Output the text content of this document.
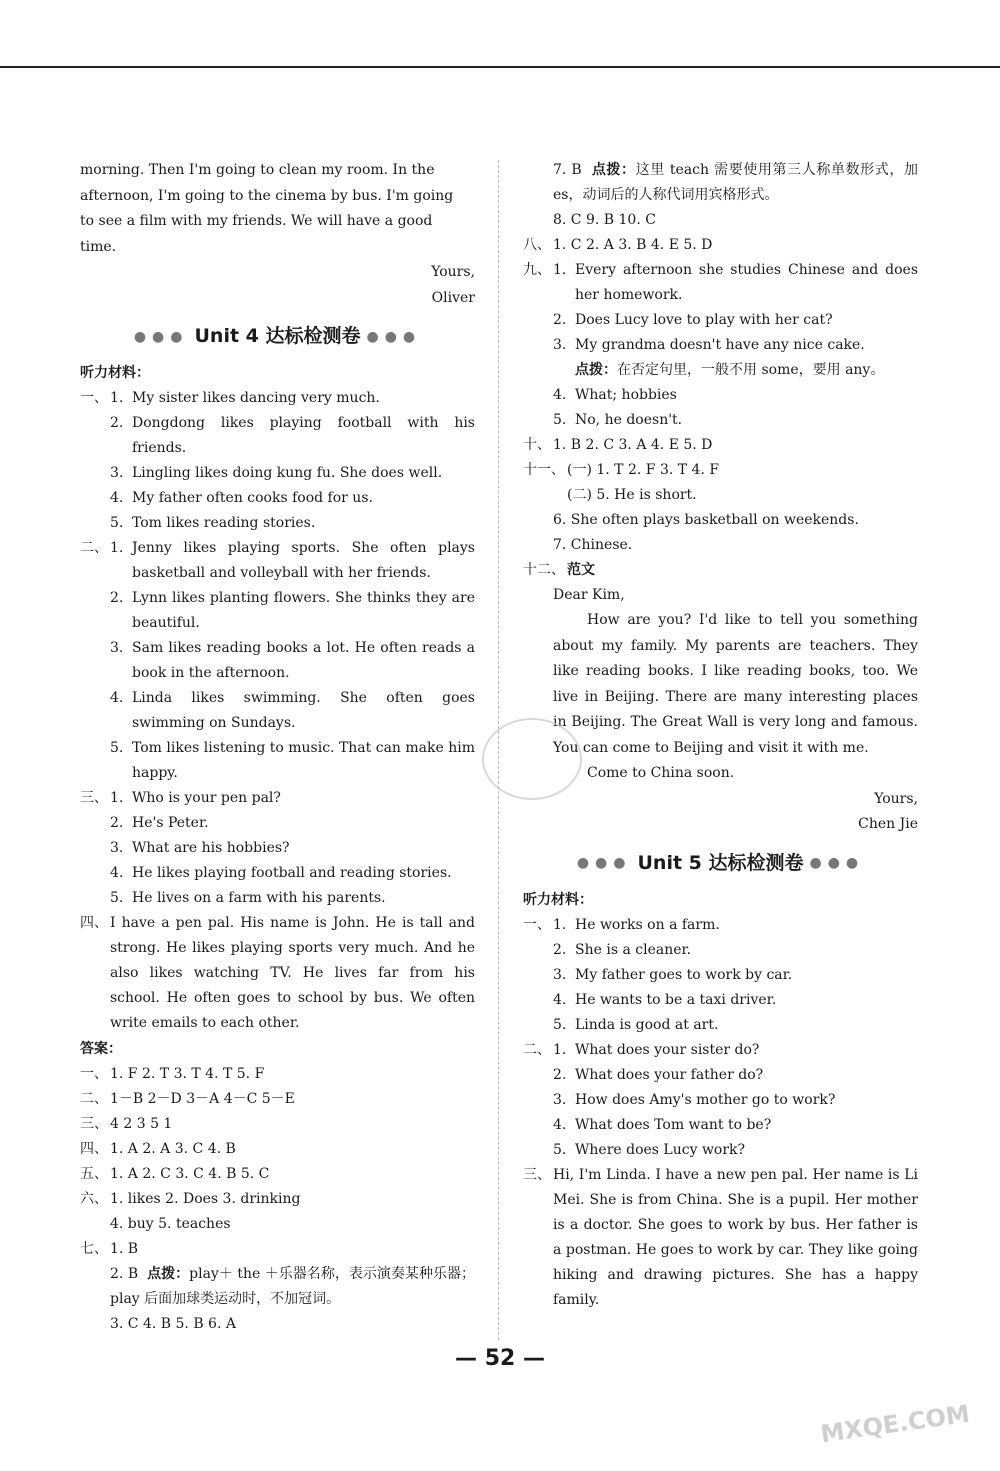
morning. Then I'm going to clean my room. In the
afternoon, I'm going to the cinema by bus. I'm going
to see a film with my friends. We will have a good
time.
Yours,
Oliver
●●● Unit 4 达标检测卷 ●●●
听力材料：
一、 1. My sister likes dancing very much.
2. Dongdong likes playing football with his friends.
3. Lingling likes doing kung fu. She does well.
4. My father often cooks food for us.
5. Tom likes reading stories.
二、 1. Jenny likes playing sports. She often plays basketball and volleyball with her friends.
2. Lynn likes planting flowers. She thinks they are beautiful.
3. Sam likes reading books a lot. He often reads a book in the afternoon.
4. Linda likes swimming. She often goes swimming on Sundays.
5. Tom likes listening to music. That can make him happy.
三、 1. Who is your pen pal?
2. He's Peter.
3. What are his hobbies?
4. He likes playing football and reading stories.
5. He lives on a farm with his parents.
四、 I have a pen pal. His name is John. He is tall and strong. He likes playing sports very much. And he also likes watching TV. He lives far from his school. He often goes to school by bus. We often write emails to each other.
答案：
一、 1. F 2. T 3. T 4. T 5. F
二、 1－B 2－D 3－A 4－C 5－E
三、 4 2 3 5 1
四、 1. A 2. A 3. C 4. B
五、 1. A 2. C 3. C 4. B 5. C
六、 1. likes 2. Does 3. drinking
4. buy 5. teaches
七、 1. B
2. B 点拨：play＋ the ＋乐器名称，表示演奏某种乐器；play 后面加球类运动时，不加冠词。
3. C 4. B 5. B 6. A
7. B 点拨：这里 teach 需要使用第三人称单数形式，加 es，动词后的人称代词用宾格形式。
8. C 9. B 10. C
八、 1. C 2. A 3. B 4. E 5. D
九、 1. Every afternoon she studies Chinese and does her homework.
2. Does Lucy love to play with her cat?
3. My grandma doesn't have any nice cake.
点拨：在否定句里，一般不用 some，要用 any。
4. What; hobbies
5. No, he doesn't.
十、 1. B 2. C 3. A 4. E 5. D
十一、 (一) 1. T 2. F 3. T 4. F
(二) 5. He is short.
6. She often plays basketball on weekends.
7. Chinese.
十二、 范文
Dear Kim,
How are you? I'd like to tell you something about my family. My parents are teachers. They like reading books. I like reading books, too. We live in Beijing. There are many interesting places in Beijing. The Great Wall is very long and famous. You can come to Beijing and visit it with me.
Come to China soon.
Yours,
Chen Jie
●●● Unit 5 达标检测卷 ●●●
听力材料：
一、 1. He works on a farm.
2. She is a cleaner.
3. My father goes to work by car.
4. He wants to be a taxi driver.
5. Linda is good at art.
二、 1. What does your sister do?
2. What does your father do?
3. How does Amy's mother go to work?
4. What does Tom want to be?
5. Where does Lucy work?
三、 Hi, I'm Linda. I have a new pen pal. Her name is Li Mei. She is from China. She is a pupil. Her mother is a doctor. She goes to work by bus. Her father is a postman. He goes to work by car. They like going hiking and drawing pictures. She has a happy family.
— 52 —
MXQE.COM
